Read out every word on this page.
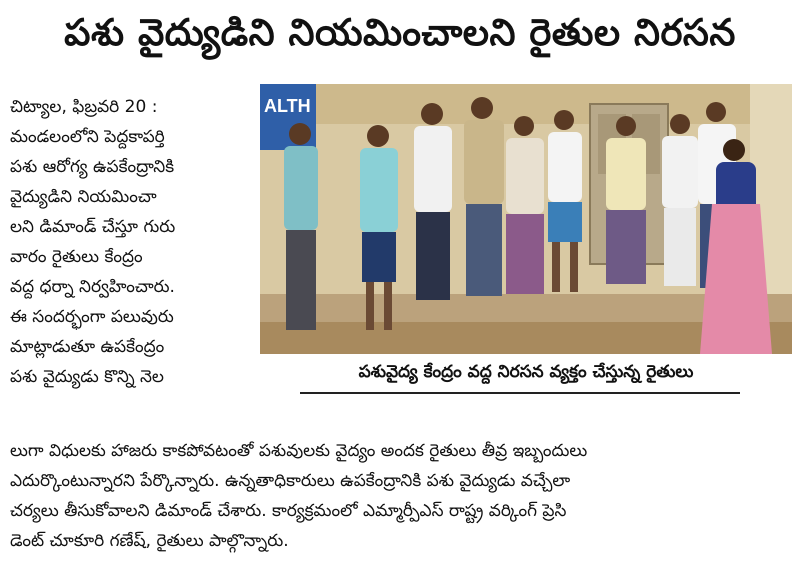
పశు వైద్యుడిని నియమించాలని రైతుల నిరసన
చిట్యాల, ఫిబ్రవరి 20 :
మండలంలోని పెద్దకాపర్తి
పశు ఆరోగ్య ఉపకేంద్రానికి
వైద్యుడిని నియమించా
లని డిమాండ్ చేస్తూ గురు
వారం రైతులు కేంద్రం
వద్ద ధర్నా నిర్వహించారు.
ఈ సందర్భంగా పలువురు
మాట్లాడుతూ ఉపకేంద్రం
పశు వైద్యుడు కొన్ని నెల
ALTH
పశువైద్య కేంద్రం వద్ద నిరసన వ్యక్తం చేస్తున్న రైతులు
లుగా విధులకు హాజరు కాకపోవటంతో పశువులకు వైద్యం అందక రైతులు తీవ్ర ఇబ్బందులు
ఎదుర్కొంటున్నారని పేర్కొన్నారు. ఉన్నతాధికారులు ఉపకేంద్రానికి పశు వైద్యుడు వచ్చేలా
చర్యలు తీసుకోవాలని డిమాండ్ చేశారు. కార్యక్రమంలో ఎమ్మార్పీఎస్ రాష్ట్ర వర్కింగ్ ప్రెసి
డెంట్ చూకూరి గణేష్, రైతులు పాల్గొన్నారు.
